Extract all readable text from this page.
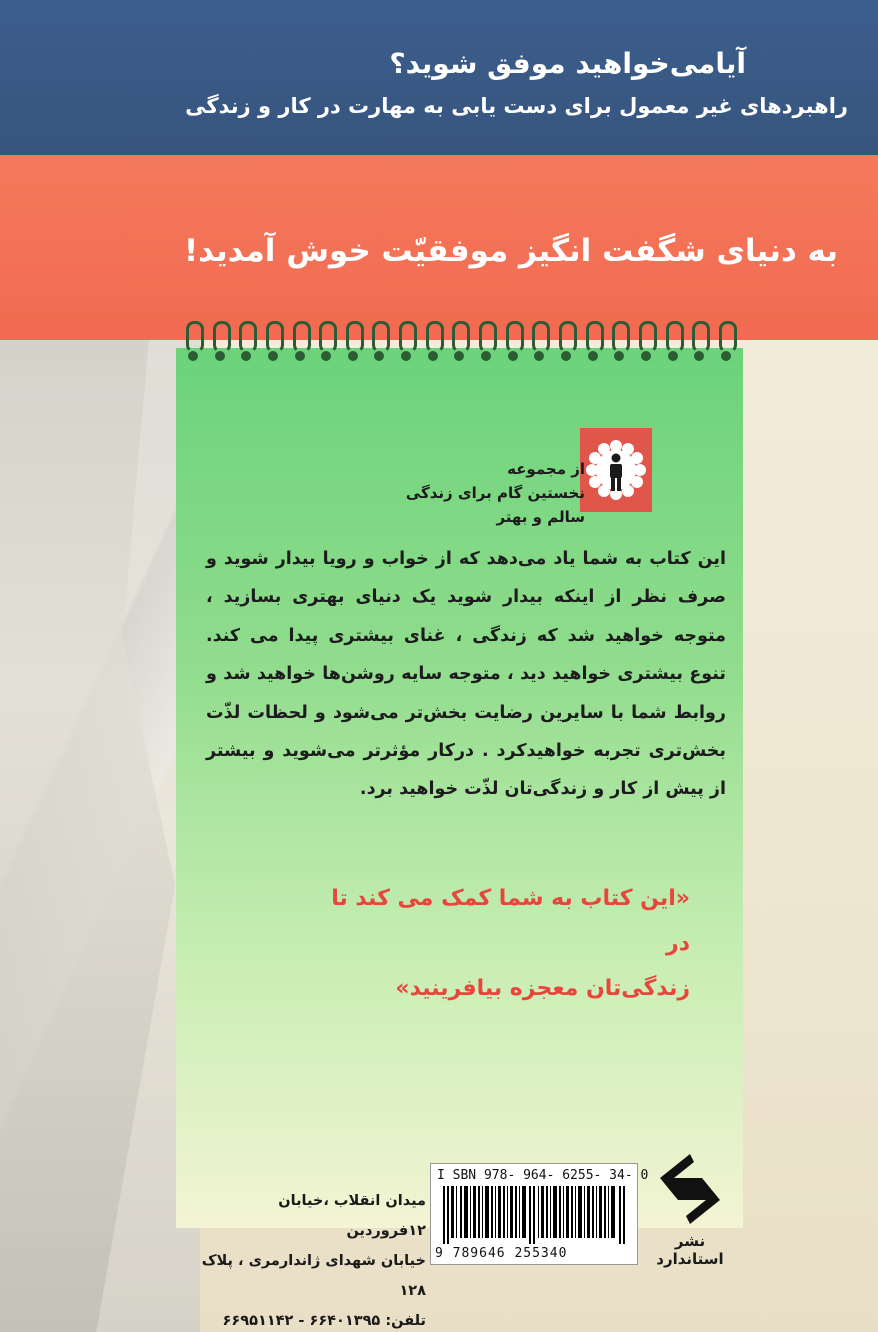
آیامی‌خواهید موفق شوید؟
راهبردهای غیر معمول برای دست یابی به مهارت در کار و زندگی
به دنیای شگفت انگیز موفقیّت خوش آمدید!
از مجموعه
نخستین گام برای زندگی
سالم و بهتر
این کتاب به شما یاد می‌دهد که از خواب و رویا بیدار شوید و صرف نظر از اینکه بیدار شوید یک دنیای بهتری بسازید ، متوجه خواهید شد که زندگی ، غنای بیشتری پیدا می کند. تنوع بیشتری خواهید دید ، متوجه سایه روشن‌ها خواهید شد و روابط شما با سایرین رضایت بخش‌تر می‌شود و لحظات لذّت بخش‌تری تجربه خواهیدکرد . درکار مؤثرتر می‌شوید و بیشتر از پیش از کار و زندگی‌تان لذّت خواهید برد.
«این کتاب به شما کمک می کند تا در
زندگی‌تان معجزه بیافرینید»
میدان انقلاب ،خیابان ۱۲فروردین
خیابان شهدای ژاندارمری ، پلاک ۱۲۸
تلفن: ۶۶۴۰۱۳۹۵ - ۶۶۹۵۱۱۴۲
I SBN 978- 964- 6255- 34- 0
9 789646 255340
نشر استاندارد
